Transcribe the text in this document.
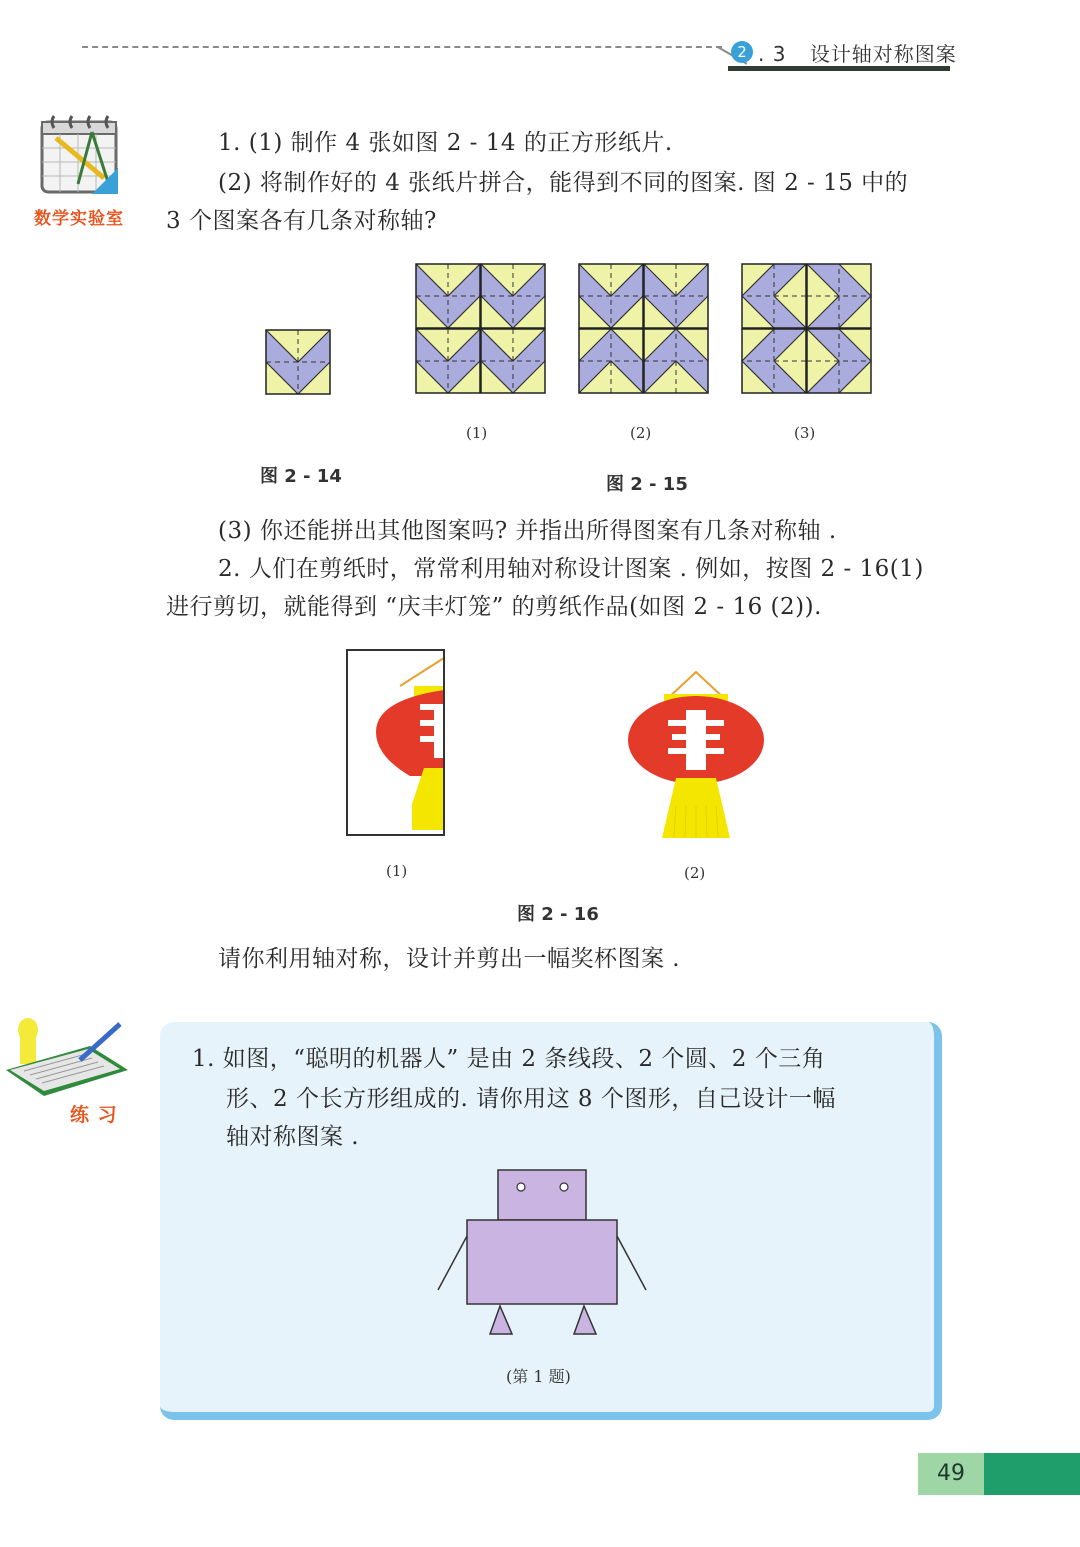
2 . 3 设计轴对称图案
数学实验室
1. (1) 制作 4 张如图 2 - 14 的正方形纸片.
(2) 将制作好的 4 张纸片拼合，能得到不同的图案. 图 2 - 15 中的
3 个图案各有几条对称轴?
(1)	(2)	(3)
图 2 - 14	图 2 - 15
(3) 你还能拼出其他图案吗? 并指出所得图案有几条对称轴 .
2. 人们在剪纸时，常常利用轴对称设计图案 . 例如，按图 2 - 16(1)
进行剪切，就能得到 “庆丰灯笼” 的剪纸作品(如图 2 - 16 (2)).
(1)	(2)
图 2 - 16
请你利用轴对称，设计并剪出一幅奖杯图案 .
练 习
1. 如图，“聪明的机器人” 是由 2 条线段、2 个圆、2 个三角
形、2 个长方形组成的. 请你用这 8 个图形，自己设计一幅
轴对称图案 .
(第 1 题)
49
